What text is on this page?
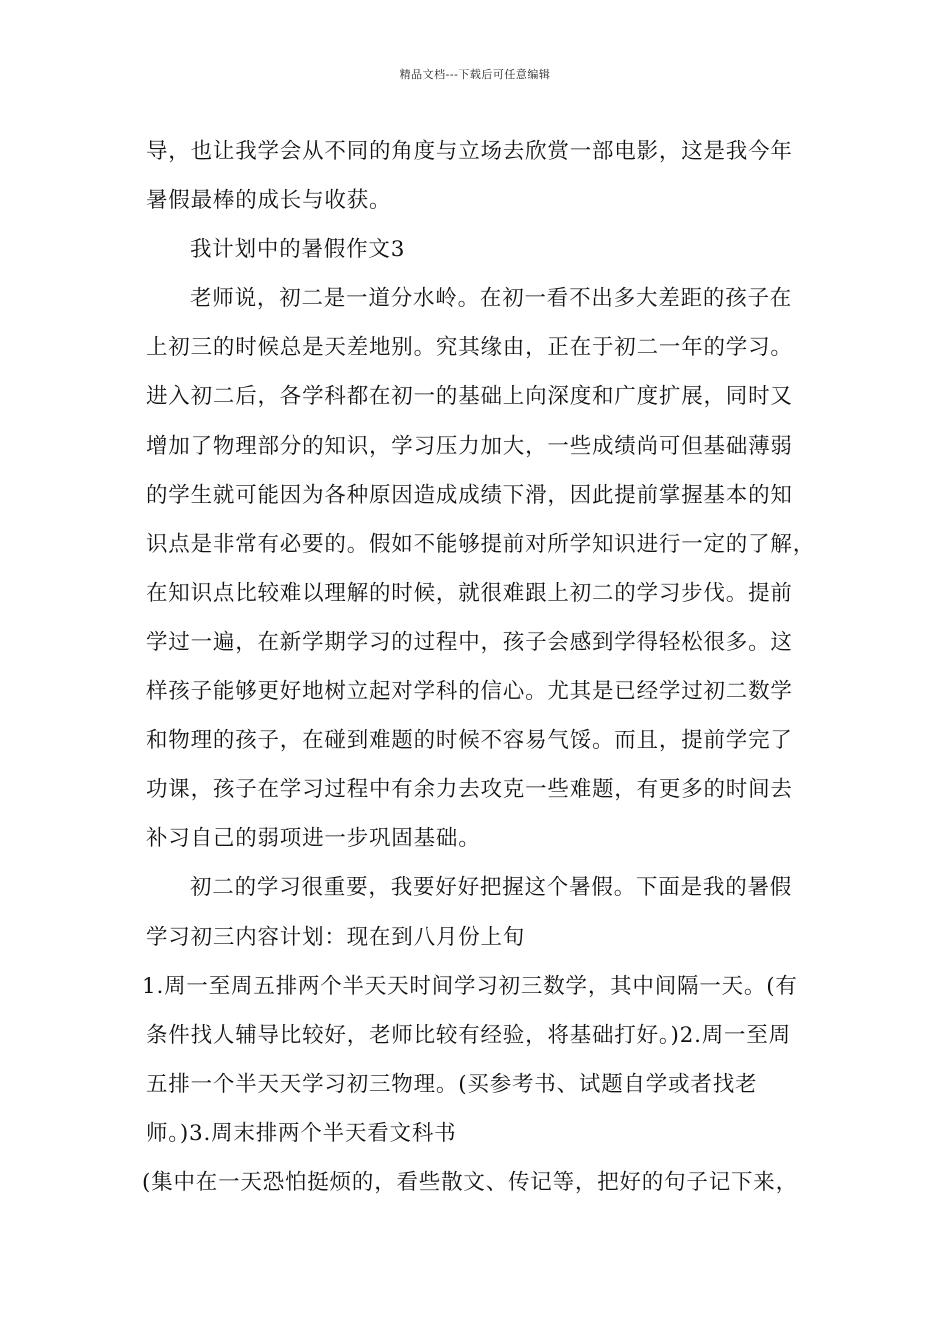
精品文档---下载后可任意编辑
导，也让我学会从不同的角度与立场去欣赏一部电影，这是我今年
暑假最棒的成长与收获。
我计划中的暑假作文3
老师说，初二是一道分水岭。在初一看不出多大差距的孩子在
上初三的时候总是天差地别。究其缘由，正在于初二一年的学习。
进入初二后，各学科都在初一的基础上向深度和广度扩展，同时又
增加了物理部分的知识，学习压力加大，一些成绩尚可但基础薄弱
的学生就可能因为各种原因造成成绩下滑，因此提前掌握基本的知
识点是非常有必要的。假如不能够提前对所学知识进行一定的了解，
在知识点比较难以理解的时候，就很难跟上初二的学习步伐。提前
学过一遍，在新学期学习的过程中，孩子会感到学得轻松很多。这
样孩子能够更好地树立起对学科的信心。尤其是已经学过初二数学
和物理的孩子，在碰到难题的时候不容易气馁。而且，提前学完了
功课，孩子在学习过程中有余力去攻克一些难题，有更多的时间去
补习自己的弱项进一步巩固基础。
初二的学习很重要，我要好好把握这个暑假。下面是我的暑假
学习初三内容计划：现在到八月份上旬
1.周一至周五排两个半天天时间学习初三数学，其中间隔一天。(有
条件找人辅导比较好，老师比较有经验，将基础打好。)2.周一至周
五排一个半天天学习初三物理。(买参考书、试题自学或者找老
师。)3.周末排两个半天看文科书
(集中在一天恐怕挺烦的，看些散文、传记等，把好的句子记下来，
